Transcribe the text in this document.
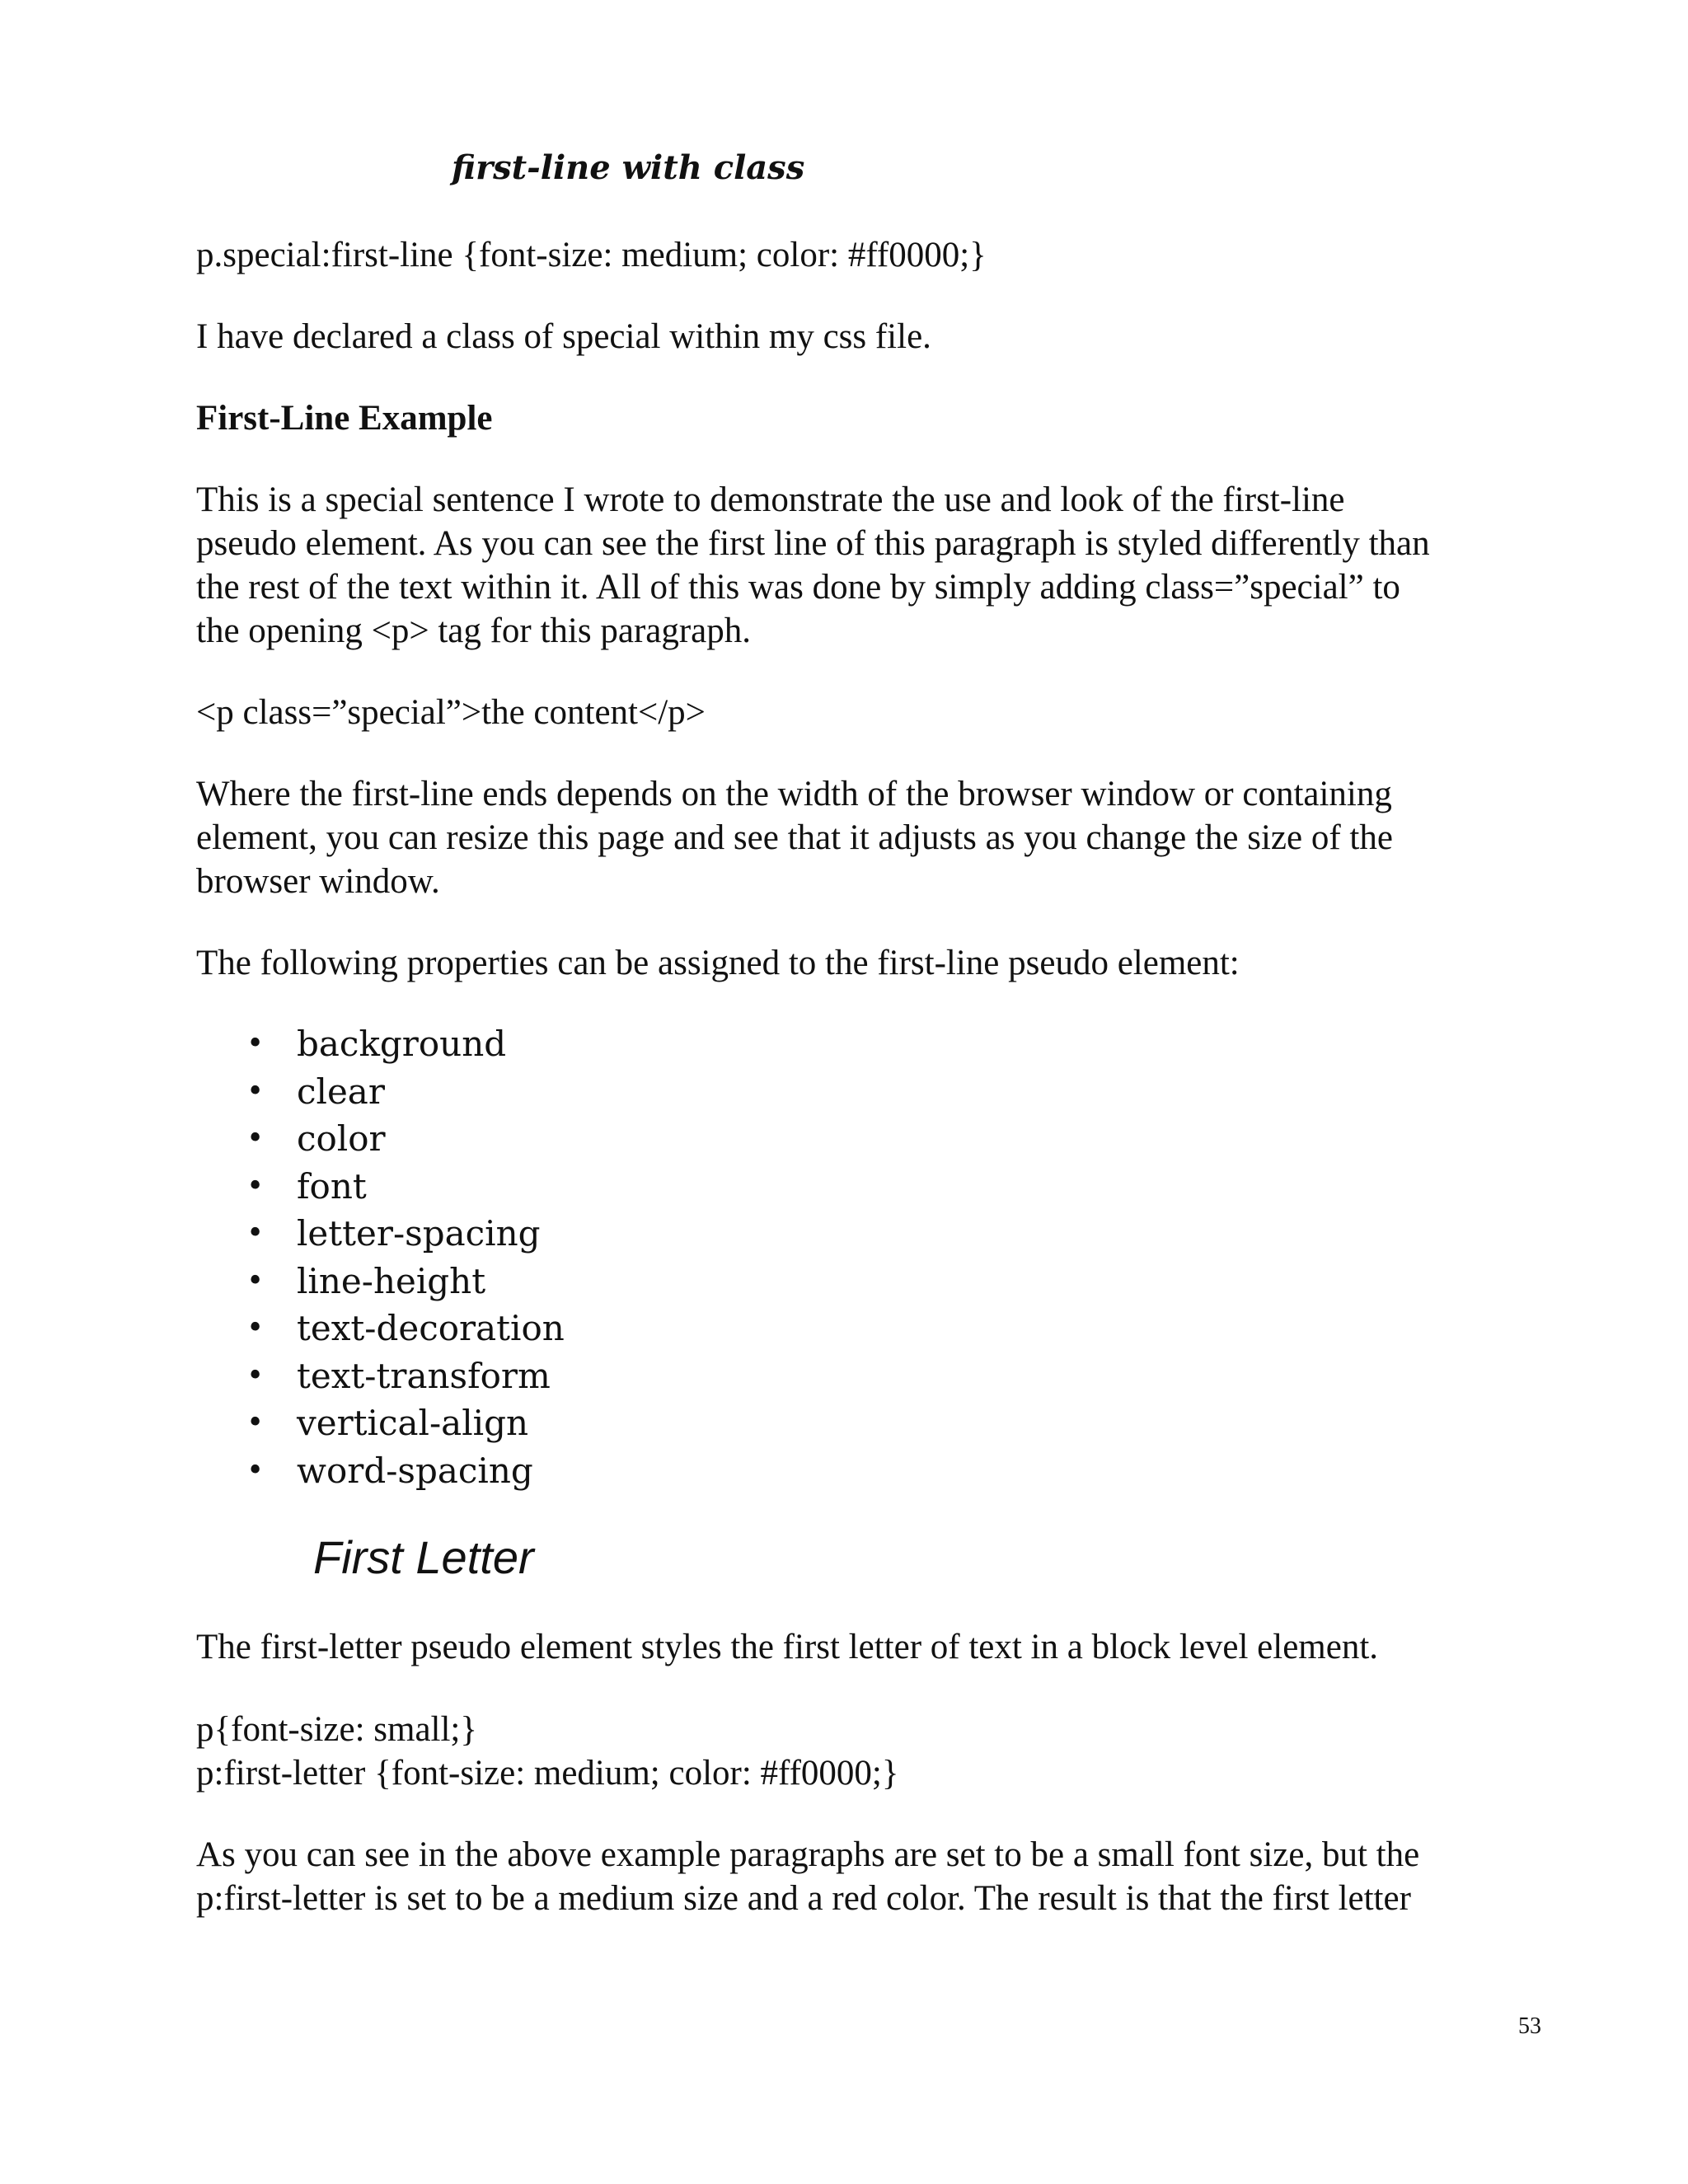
first-line with class
p.special:first-line {font-size: medium; color: #ff0000;}
I have declared a class of special within my css file.
First-Line Example
This is a special sentence I wrote to demonstrate the use and look of the first-line
pseudo element. As you can see the first line of this paragraph is styled differently than
the rest of the text within it. All of this was done by simply adding class=”special” to
the opening <p> tag for this paragraph.
<p class=”special”>the content</p>
Where the first-line ends depends on the width of the browser window or containing
element, you can resize this page and see that it adjusts as you change the size of the
browser window.
The following properties can be assigned to the first-line pseudo element:
• background
• clear
• color
• font
• letter-spacing
• line-height
• text-decoration
• text-transform
• vertical-align
• word-spacing
First Letter
The first-letter pseudo element styles the first letter of text in a block level element.
p{font-size: small;}
p:first-letter {font-size: medium; color: #ff0000;}
As you can see in the above example paragraphs are set to be a small font size, but the
p:first-letter is set to be a medium size and a red color. The result is that the first letter
53
